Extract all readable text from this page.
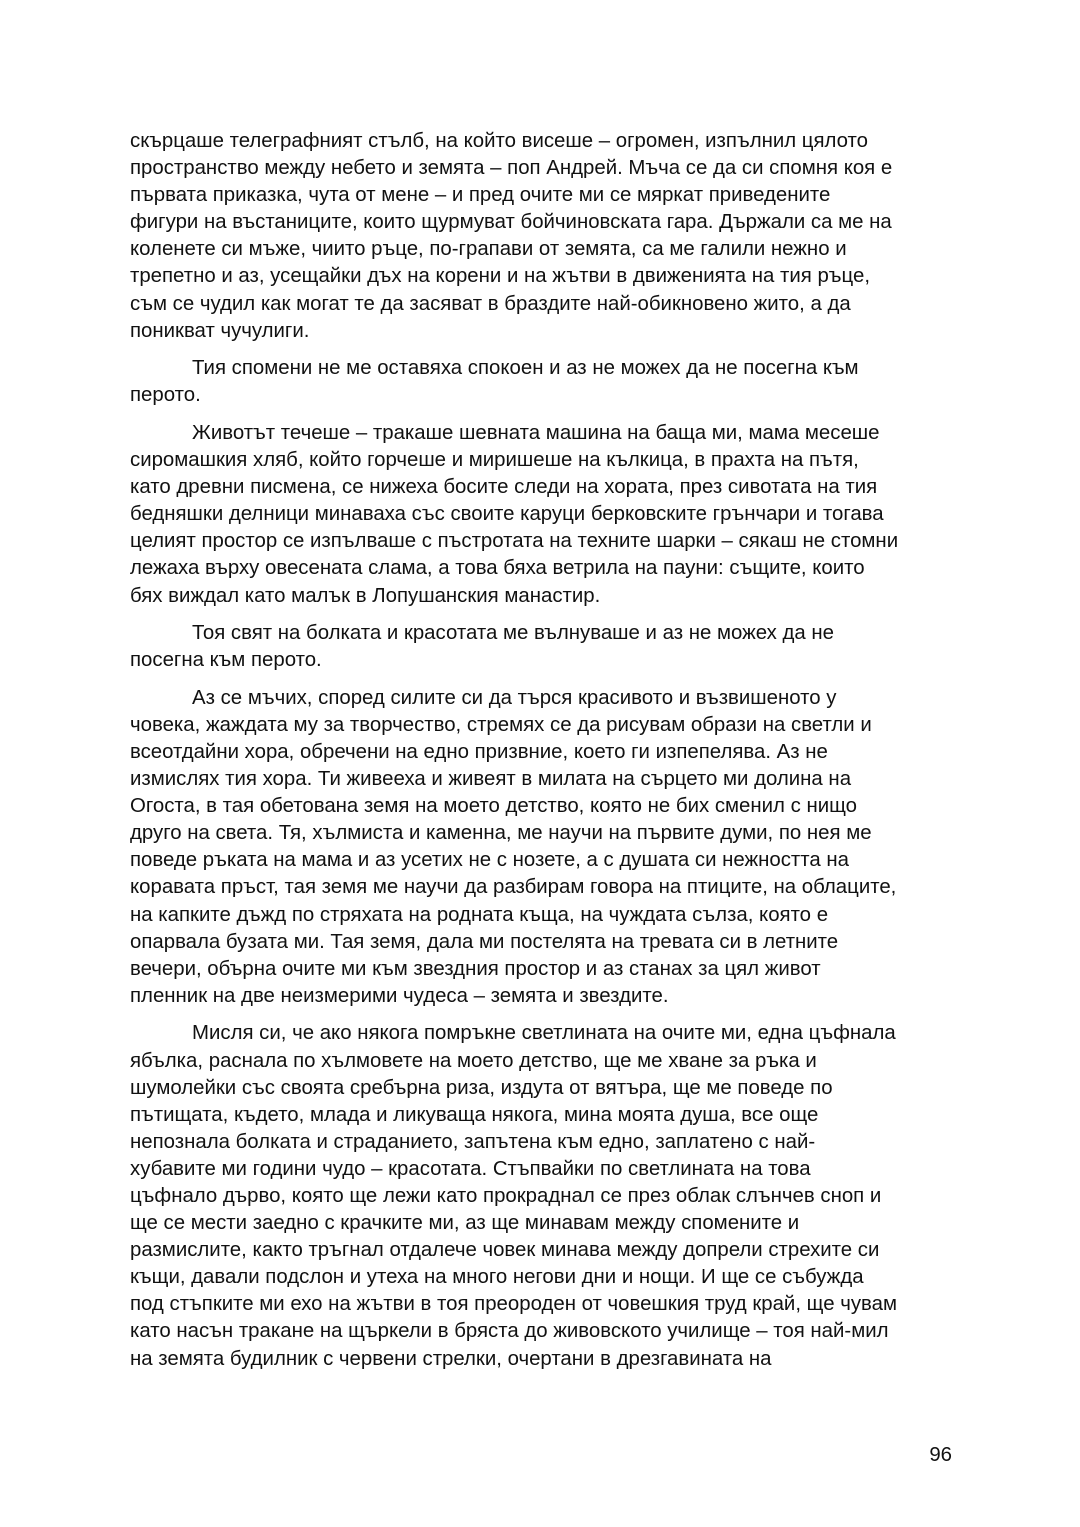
скърцаше телеграфният стълб, на който висеше – огромен, изпълнил цялото
пространство между небето и земята – поп Андрей. Мъча се да си спомня коя е
първата приказка, чута от мене – и пред очите ми се мяркат приведените
фигури на въстаниците, които щурмуват бойчиновската гара. Държали са ме на
коленете си мъже, чиито ръце, по-грапави от земята, са ме галили нежно и
трепетно и аз, усещайки дъх на корени и на жътви в движенията на тия ръце,
съм се чудил как могат те да засяват в браздите най-обикновено жито, а да
поникват чучулиги.
Тия спомени не ме оставяха спокоен и аз не можех да не посегна към
перото.
Животът течеше – тракаше шевната машина на баща ми, мама месеше
сиромашкия хляб, който горчеше и миришеше на кълкица, в прахта на пътя,
като древни писмена, се нижеха босите следи на хората, през сивотата на тия
бедняшки делници минаваха със своите каруци берковските грънчари и тогава
целият простор се изпълваше с пъстротата на техните шарки – сякаш не стомни
лежаха върху овесената слама, а това бяха ветрила на пауни: същите, които
бях виждал като малък в Лопушанския манастир.
Тоя свят на болката и красотата ме вълнуваше и аз не можех да не
посегна към перото.
Аз се мъчих, според силите си да търся красивото и възвишеното у
човека, жаждата му за творчество, стремях се да рисувам образи на светли и
всеотдайни хора, обречени на едно призвние, което ги изпепелява. Аз не
измислях тия хора. Ти живееха и живеят в милата на сърцето ми долина на
Огоста, в тая обетована земя на моето детство, която не бих сменил с нищо
друго на света. Тя, хълмиста и каменна, ме научи на първите думи, по нея ме
поведе ръката на мама и аз усетих не с нозете, а с душата си нежността на
коравата пръст, тая земя ме научи да разбирам говора на птиците, на облаците,
на капките дъжд по стряхата на родната къща, на чуждата сълза, която е
опарвала бузата ми. Тая земя, дала ми постелята на тревата си в летните
вечери, обърна очите ми към звездния простор и аз станах за цял живот
пленник на две неизмерими чудеса – земята и звездите.
Мисля си, че ако някога помръкне светлината на очите ми, една цъфнала
ябълка, раснала по хълмовете на моето детство, ще ме хване за ръка и
шумолейки със своята сребърна риза, издута от вятъра, ще ме поведе по
пътищата, където, млада и ликуваща някога, мина моята душа, все още
непознала болката и страданието, запътена към едно, заплатено с най-
хубавите ми години чудо – красотата. Стъпвайки по светлината на това
цъфнало дърво, която ще лежи като прокраднал се през облак слънчев сноп и
ще се мести заедно с крачките ми, аз ще минавам между спомените и
размислите, както тръгнал отдалече човек минава между допрели стрехите си
къщи, давали подслон и утеха на много негови дни и нощи. И ще се събужда
под стъпките ми ехо на жътви в тоя преороден от човешкия труд край, ще чувам
като насън тракане на щъркели в бряста до живовското училище – тоя най-мил
на земята будилник с червени стрелки, очертани в дрезгавината на
96
